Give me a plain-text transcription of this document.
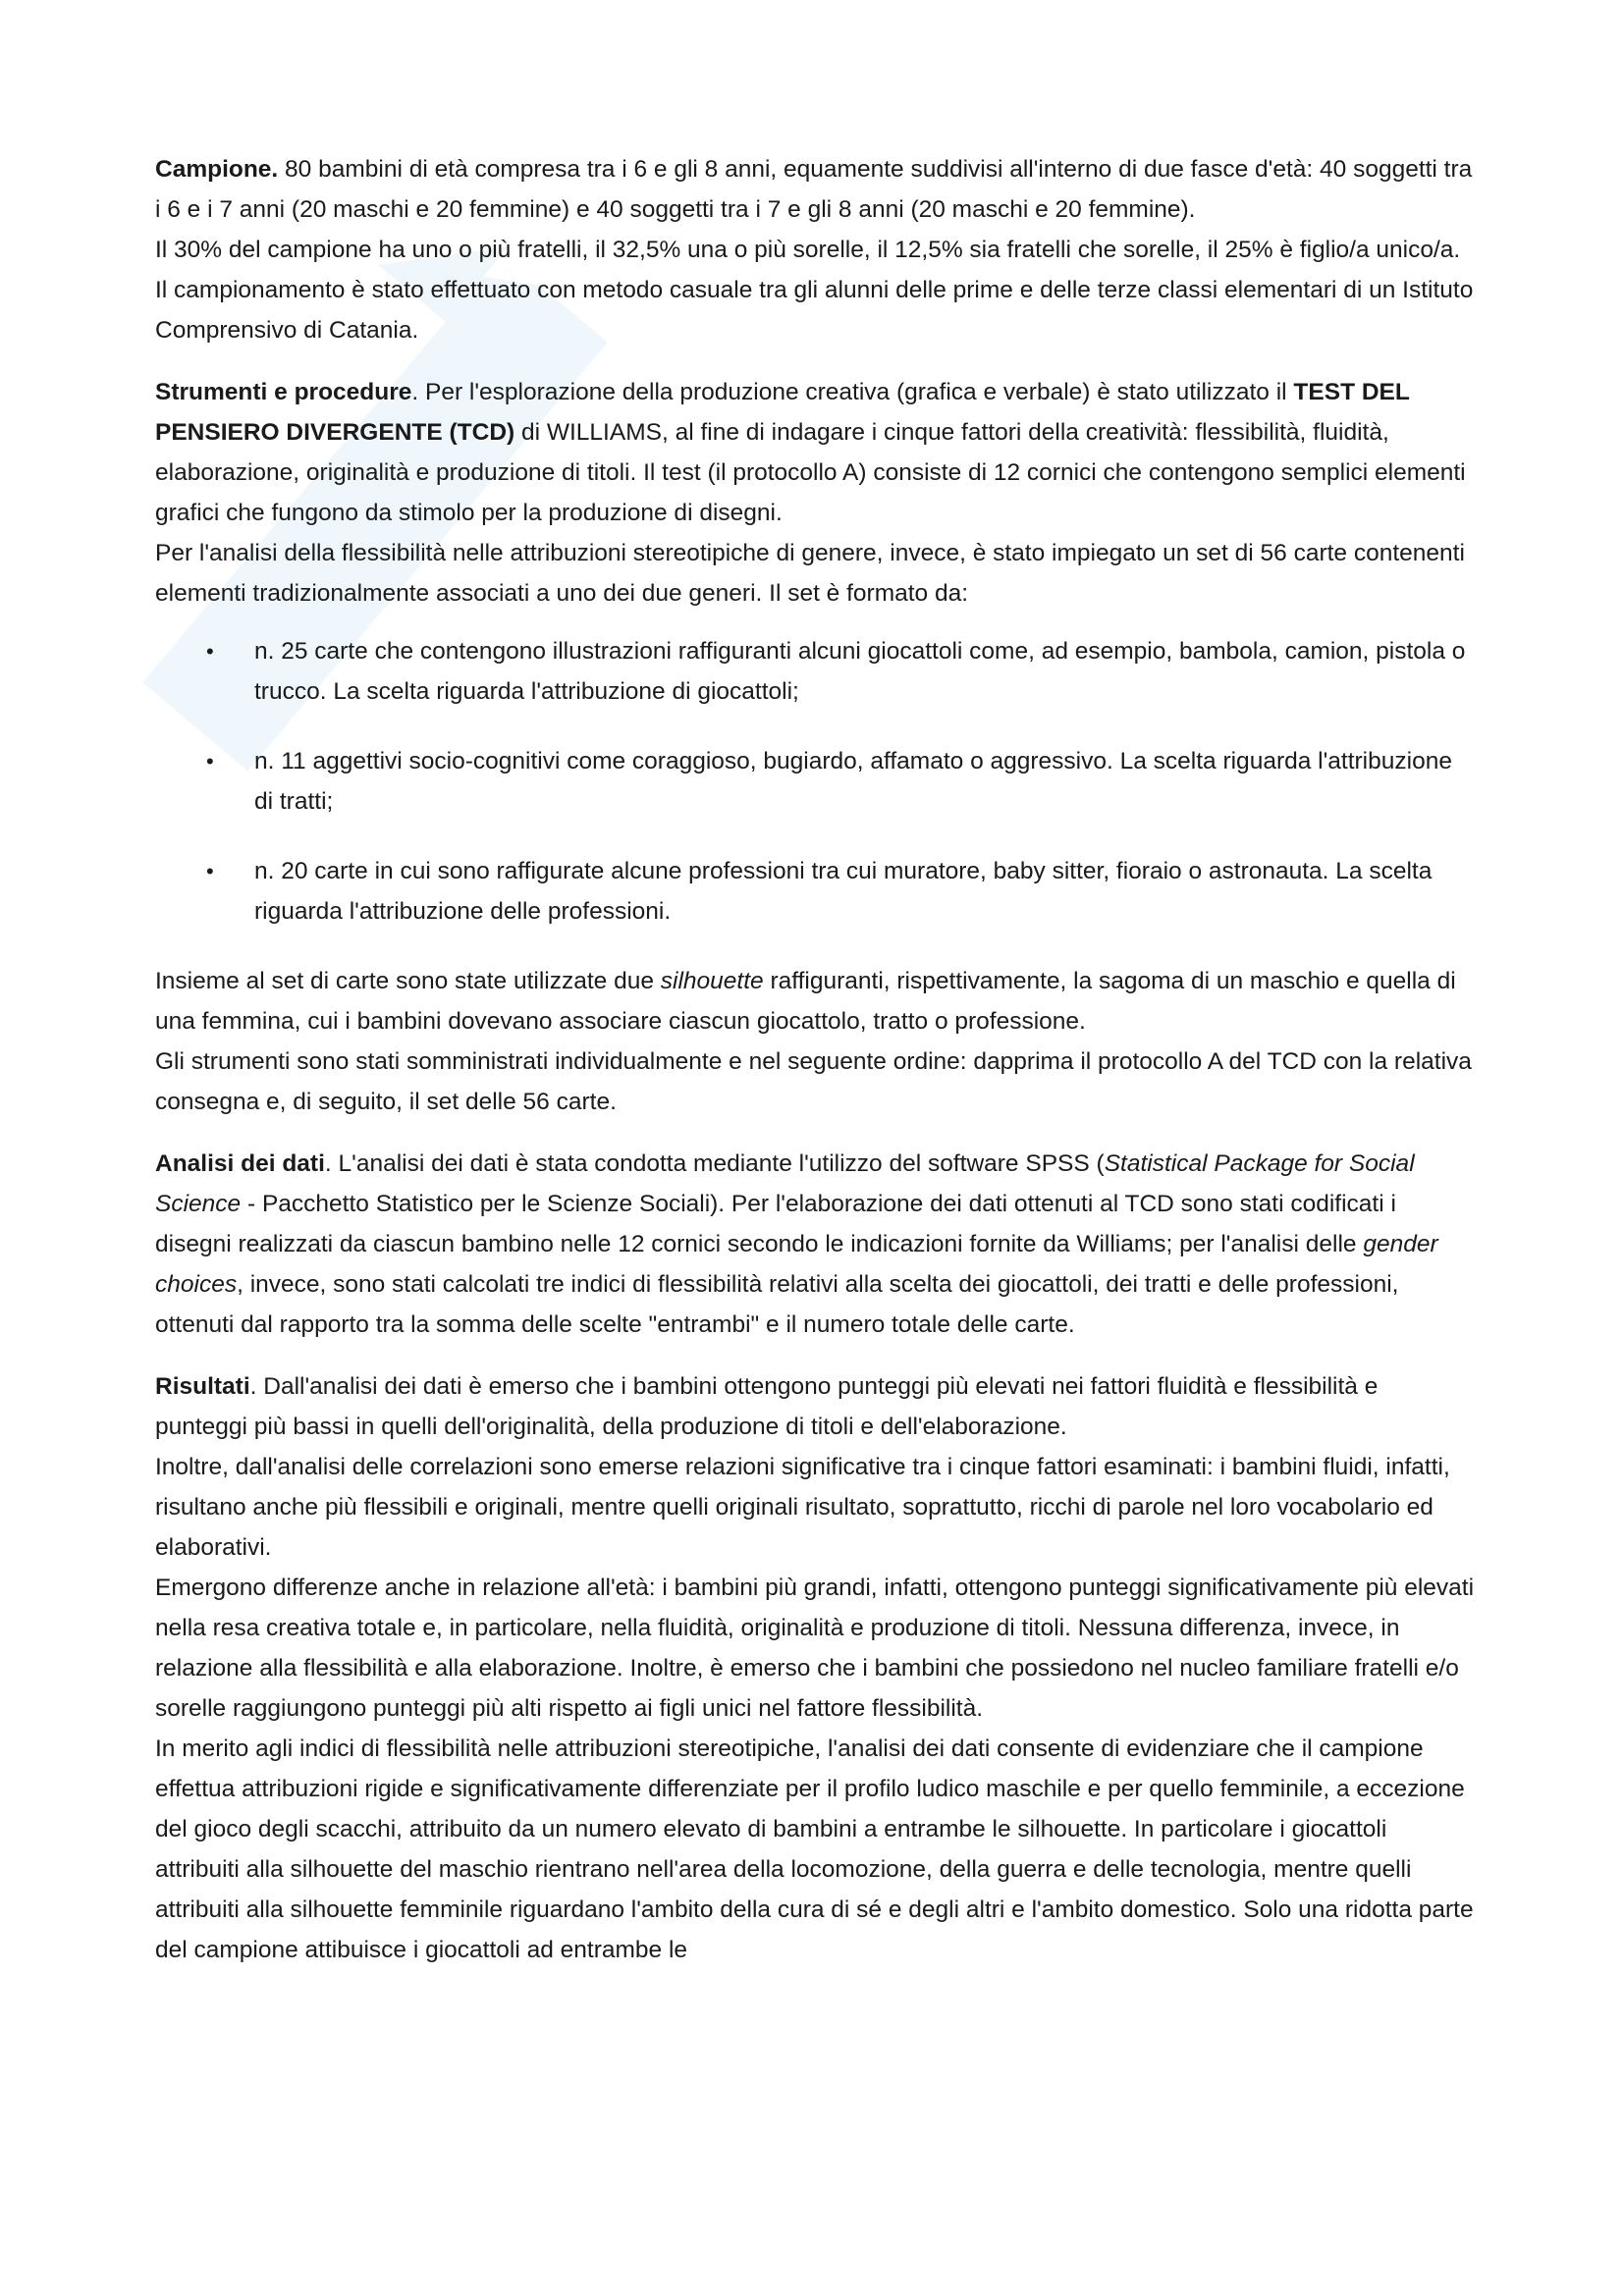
Campione. 80 bambini di età compresa tra i 6 e gli 8 anni, equamente suddivisi all'interno di due fasce d'età: 40 soggetti tra i 6 e i 7 anni (20 maschi e 20 femmine) e 40 soggetti tra i 7 e gli 8 anni (20 maschi e 20 femmine).

Il 30% del campione ha uno o più fratelli, il 32,5% una o più sorelle, il 12,5% sia fratelli che sorelle, il 25% è figlio/a unico/a.

Il campionamento è stato effettuato con metodo casuale tra gli alunni delle prime e delle terze classi elementari di un Istituto Comprensivo di Catania.

Strumenti e procedure. Per l'esplorazione della produzione creativa (grafica e verbale) è stato utilizzato il TEST DEL PENSIERO DIVERGENTE (TCD) di WILLIAMS, al fine di indagare i cinque fattori della creatività: flessibilità, fluidità, elaborazione, originalità e produzione di titoli. Il test (il protocollo A) consiste di 12 cornici che contengono semplici elementi grafici che fungono da stimolo per la produzione di disegni.

Per l'analisi della flessibilità nelle attribuzioni stereotipiche di genere, invece, è stato impiegato un set di 56 carte contenenti elementi tradizionalmente associati a uno dei due generi. Il set è formato da:

• n. 25 carte che contengono illustrazioni raffiguranti alcuni giocattoli come, ad esempio, bambola, camion, pistola o trucco. La scelta riguarda l'attribuzione di giocattoli;
• n. 11 aggettivi socio-cognitivi come coraggioso, bugiardo, affamato o aggressivo. La scelta riguarda l'attribuzione di tratti;
• n. 20 carte in cui sono raffigurate alcune professioni tra cui muratore, baby sitter, fioraio o astronauta. La scelta riguarda l'attribuzione delle professioni.

Insieme al set di carte sono state utilizzate due silhouette raffiguranti, rispettivamente, la sagoma di un maschio e quella di una femmina, cui i bambini dovevano associare ciascun giocattolo, tratto o professione.

Gli strumenti sono stati somministrati individualmente e nel seguente ordine: dapprima il protocollo A del TCD con la relativa consegna e, di seguito, il set delle 56 carte.

Analisi dei dati. L'analisi dei dati è stata condotta mediante l'utilizzo del software SPSS (Statistical Package for Social Science - Pacchetto Statistico per le Scienze Sociali). Per l'elaborazione dei dati ottenuti al TCD sono stati codificati i disegni realizzati da ciascun bambino nelle 12 cornici secondo le indicazioni fornite da Williams; per l'analisi delle gender choices, invece, sono stati calcolati tre indici di flessibilità relativi alla scelta dei giocattoli, dei tratti e delle professioni, ottenuti dal rapporto tra la somma delle scelte "entrambi" e il numero totale delle carte.

Risultati. Dall'analisi dei dati è emerso che i bambini ottengono punteggi più elevati nei fattori fluidità e flessibilità e punteggi più bassi in quelli dell'originalità, della produzione di titoli e dell'elaborazione.

Inoltre, dall'analisi delle correlazioni sono emerse relazioni significative tra i cinque fattori esaminati: i bambini fluidi, infatti, risultano anche più flessibili e originali, mentre quelli originali risultato, soprattutto, ricchi di parole nel loro vocabolario ed elaborativi.

Emergono differenze anche in relazione all'età: i bambini più grandi, infatti, ottengono punteggi significativamente più elevati nella resa creativa totale e, in particolare, nella fluidità, originalità e produzione di titoli. Nessuna differenza, invece, in relazione alla flessibilità e alla elaborazione. Inoltre, è emerso che i bambini che possiedono nel nucleo familiare fratelli e/o sorelle raggiungono punteggi più alti rispetto ai figli unici nel fattore flessibilità.

In merito agli indici di flessibilità nelle attribuzioni stereotipiche, l'analisi dei dati consente di evidenziare che il campione effettua attribuzioni rigide e significativamente differenziate per il profilo ludico maschile e per quello femminile, a eccezione del gioco degli scacchi, attribuito da un numero elevato di bambini a entrambe le silhouette. In particolare i giocattoli attribuiti alla silhouette del maschio rientrano nell'area della locomozione, della guerra e delle tecnologia, mentre quelli attribuiti alla silhouette femminile riguardano l'ambito della cura di sé e degli altri e l'ambito domestico. Solo una ridotta parte del campione attibuisce i giocattoli ad entrambe le
